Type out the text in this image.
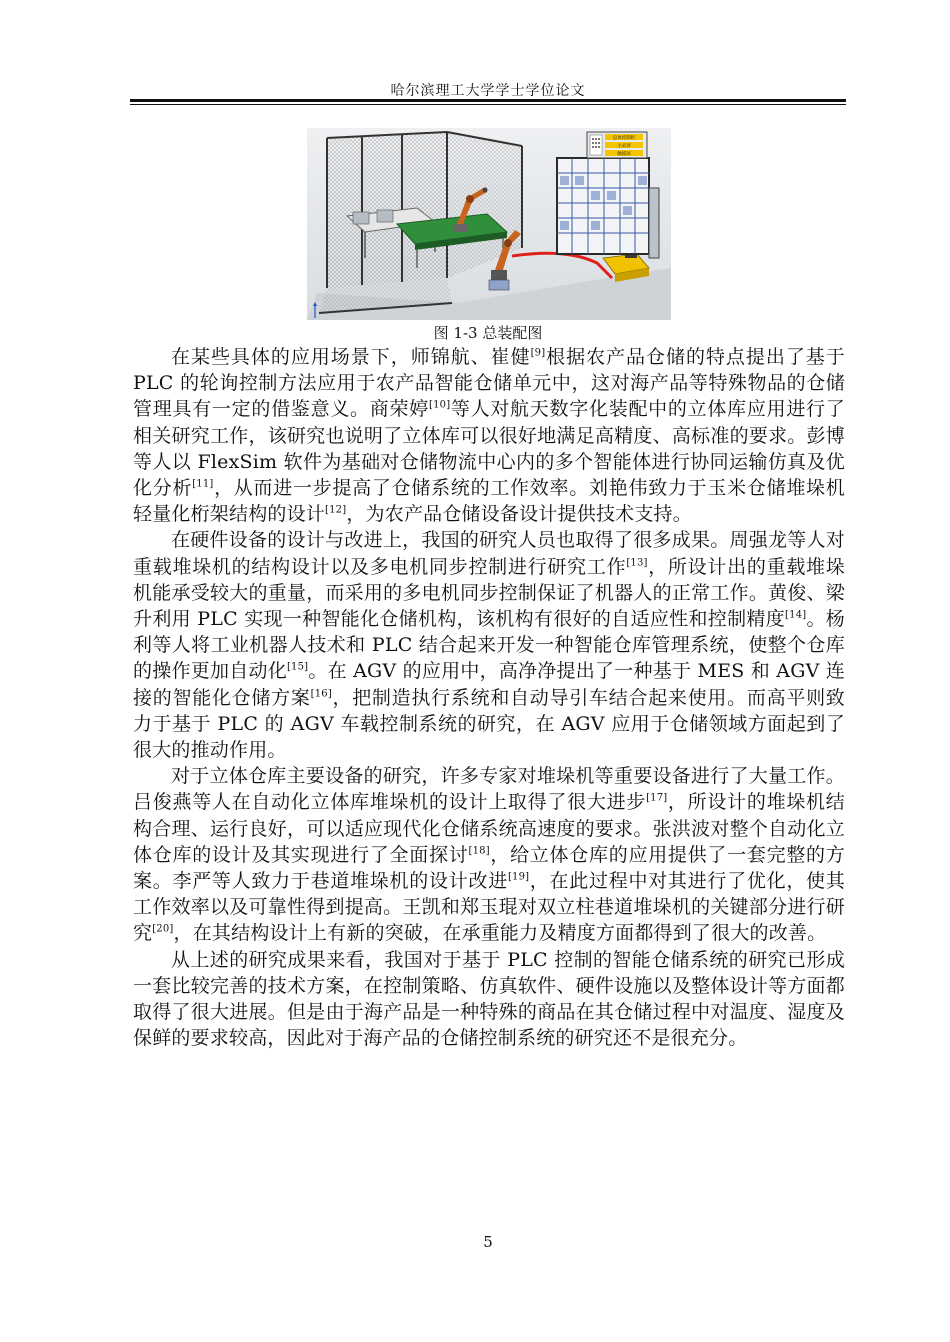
哈尔滨理工大学学士学位论文
总体控制柜
主站屏
触摸屏
图 1-3 总装配图

在某些具体的应用场景下，师锦航、崔健[9]根据农产品仓储的特点提出了基于 PLC 的轮询控制方法应用于农产品智能仓储单元中，这对海产品等特殊物品的仓储管理具有一定的借鉴意义。商荣婷[10]等人对航天数字化装配中的立体库应用进行了相关研究工作，该研究也说明了立体库可以很好地满足高精度、高标准的要求。彭博等人以 FlexSim 软件为基础对仓储物流中心内的多个智能体进行协同运输仿真及优化分析[11]，从而进一步提高了仓储系统的工作效率。刘艳伟致力于玉米仓储堆垛机轻量化桁架结构的设计[12]，为农产品仓储设备设计提供技术支持。

在硬件设备的设计与改进上，我国的研究人员也取得了很多成果。周强龙等人对重载堆垛机的结构设计以及多电机同步控制进行研究工作[13]，所设计出的重载堆垛机能承受较大的重量，而采用的多电机同步控制保证了机器人的正常工作。黄俊、梁升利用 PLC 实现一种智能化仓储机构，该机构有很好的自适应性和控制精度[14]。杨利等人将工业机器人技术和 PLC 结合起来开发一种智能仓库管理系统，使整个仓库的操作更加自动化[15]。在 AGV 的应用中，高净净提出了一种基于 MES 和 AGV 连接的智能化仓储方案[16]，把制造执行系统和自动导引车结合起来使用。而高平则致力于基于 PLC 的 AGV 车载控制系统的研究，在 AGV 应用于仓储领域方面起到了很大的推动作用。

对于立体仓库主要设备的研究，许多专家对堆垛机等重要设备进行了大量工作。吕俊燕等人在自动化立体库堆垛机的设计上取得了很大进步[17]，所设计的堆垛机结构合理、运行良好，可以适应现代化仓储系统高速度的要求。张洪波对整个自动化立体仓库的设计及其实现进行了全面探讨[18]，给立体仓库的应用提供了一套完整的方案。李严等人致力于巷道堆垛机的设计改进[19]，在此过程中对其进行了优化，使其工作效率以及可靠性得到提高。王凯和郑玉琨对双立柱巷道堆垛机的关键部分进行研究[20]，在其结构设计上有新的突破，在承重能力及精度方面都得到了很大的改善。

从上述的研究成果来看，我国对于基于 PLC 控制的智能仓储系统的研究已形成一套比较完善的技术方案，在控制策略、仿真软件、硬件设施以及整体设计等方面都取得了很大进展。但是由于海产品是一种特殊的商品在其仓储过程中对温度、湿度及保鲜的要求较高，因此对于海产品的仓储控制系统的研究还不是很充分。

5
